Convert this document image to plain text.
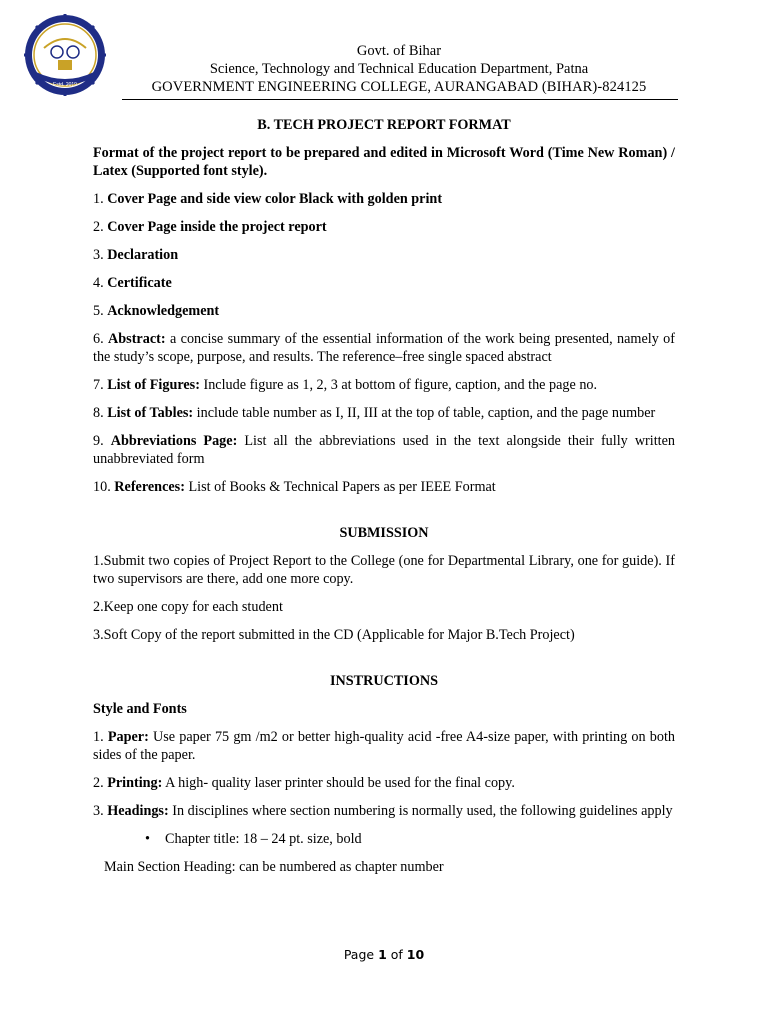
Estd. 2019
Govt. of Bihar
Science, Technology and Technical Education Department, Patna
GOVERNMENT ENGINEERING COLLEGE, AURANGABAD (BIHAR)-824125
B. TECH PROJECT REPORT FORMAT
Format of the project report to be prepared and edited in Microsoft Word (Time New Roman) / Latex (Supported font style).
1. Cover Page and side view color Black with golden print
2. Cover Page inside the project report
3. Declaration
4. Certificate
5. Acknowledgement
6. Abstract: a concise summary of the essential information of the work being presented, namely of the study’s scope, purpose, and results. The reference–free single spaced abstract
7. List of Figures: Include figure as 1, 2, 3 at bottom of figure, caption, and the page no.
8. List of Tables: include table number as I, II, III at the top of table, caption, and the page number
9. Abbreviations Page: List all the abbreviations used in the text alongside their fully written unabbreviated form
10. References: List of Books & Technical Papers as per IEEE Format
SUBMISSION
1.Submit two copies of Project Report to the College (one for Departmental Library, one for guide). If two supervisors are there, add one more copy.
2.Keep one copy for each student
3.Soft Copy of the report submitted in the CD (Applicable for Major B.Tech Project)
INSTRUCTIONS
Style and Fonts
1. Paper: Use paper 75 gm /m2 or better high-quality acid -free A4-size paper, with printing on both sides of the paper.
2. Printing: A high- quality laser printer should be used for the final copy.
3. Headings: In disciplines where section numbering is normally used, the following guidelines apply
• Chapter title: 18 – 24 pt. size, bold
Main Section Heading: can be numbered as chapter number
Page 1 of 10
